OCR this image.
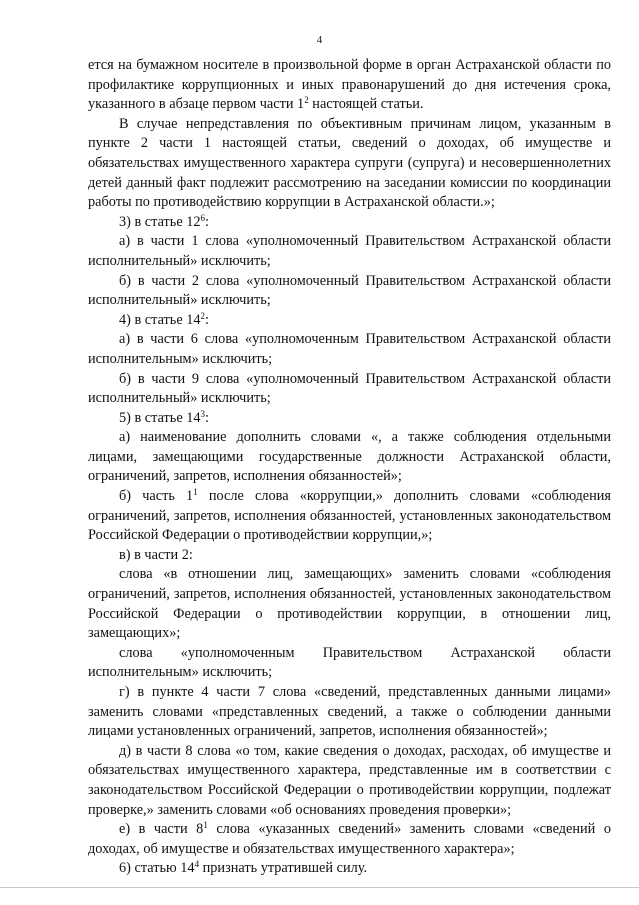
4

ется на бумажном носителе в произвольной форме в орган Астраханской области по профилактике коррупционных и иных правонарушений до дня истечения срока, указанного в абзаце первом части $1^2$ настоящей статьи.

В случае непредставления по объективным причинам лицом, указанным в пункте 2 части 1 настоящей статьи, сведений о доходах, об имуществе и обязательствах имущественного характера супруги (супруга) и несовершеннолетних детей данный факт подлежит рассмотрению на заседании комиссии по координации работы по противодействию коррупции в Астраханской области.»;

3) в статье $12^6$:

а) в части 1 слова «уполномоченный Правительством Астраханской области исполнительный» исключить;

б) в части 2 слова «уполномоченный Правительством Астраханской области исполнительный» исключить;

4) в статье $14^2$:

а) в части 6 слова «уполномоченным Правительством Астраханской области исполнительным» исключить;

б) в части 9 слова «уполномоченный Правительством Астраханской области исполнительный» исключить;

5) в статье $14^3$:

а) наименование дополнить словами «, а также соблюдения отдельными лицами, замещающими государственные должности Астраханской области, ограничений, запретов, исполнения обязанностей»;

б) часть $1^1$ после слова «коррупции,» дополнить словами «соблюдения ограничений, запретов, исполнения обязанностей, установленных законодательством Российской Федерации о противодействии коррупции,»;

в) в части 2:

слова «в отношении лиц, замещающих» заменить словами «соблюдения ограничений, запретов, исполнения обязанностей, установленных законодательством Российской Федерации о противодействии коррупции, в отношении лиц, замещающих»;

слова «уполномоченным Правительством Астраханской области исполнительным» исключить;

г) в пункте 4 части 7 слова «сведений, представленных данными лицами» заменить словами «представленных сведений, а также о соблюдении данными лицами установленных ограничений, запретов, исполнения обязанностей»;

д) в части 8 слова «о том, какие сведения о доходах, расходах, об имуществе и обязательствах имущественного характера, представленные им в соответствии с законодательством Российской Федерации о противодействии коррупции, подлежат проверке,» заменить словами «об основаниях проведения проверки»;

е) в части $8^1$ слова «указанных сведений» заменить словами «сведений о доходах, об имуществе и обязательствах имущественного характера»;

6) статью $14^4$ признать утратившей силу.
